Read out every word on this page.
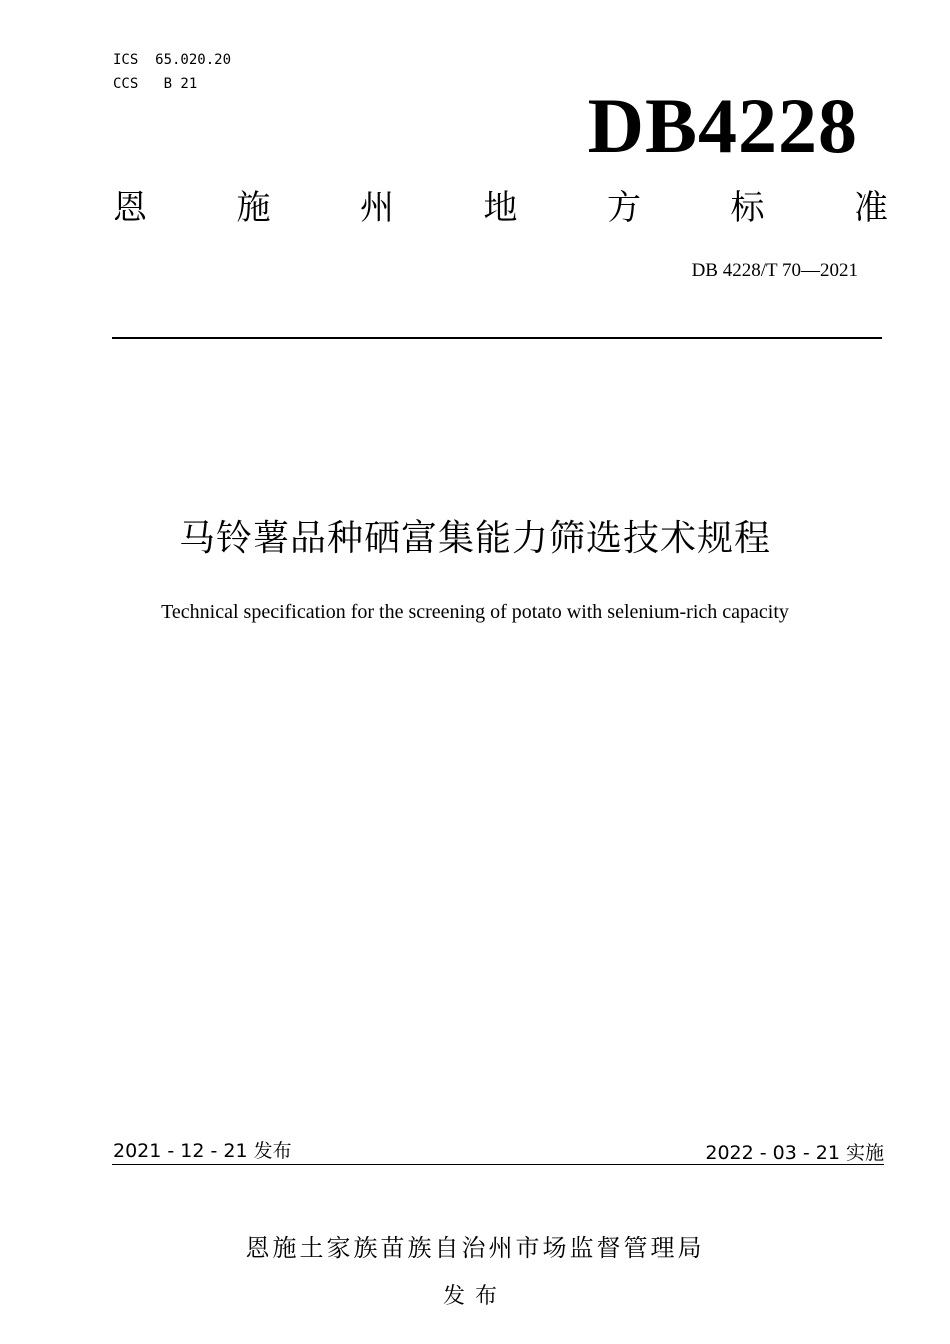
ICS  65.020.20
CCS   B 21	DB4228
恩	施	州	地	方	标	准
DB 4228/T 70—2021
马铃薯品种硒富集能力筛选技术规程
Technical specification for the screening of potato with selenium-rich capacity
2021 - 12 - 21 发布	2022 - 03 - 21 实施
恩施土家族苗族自治州市场监督管理局
发布
